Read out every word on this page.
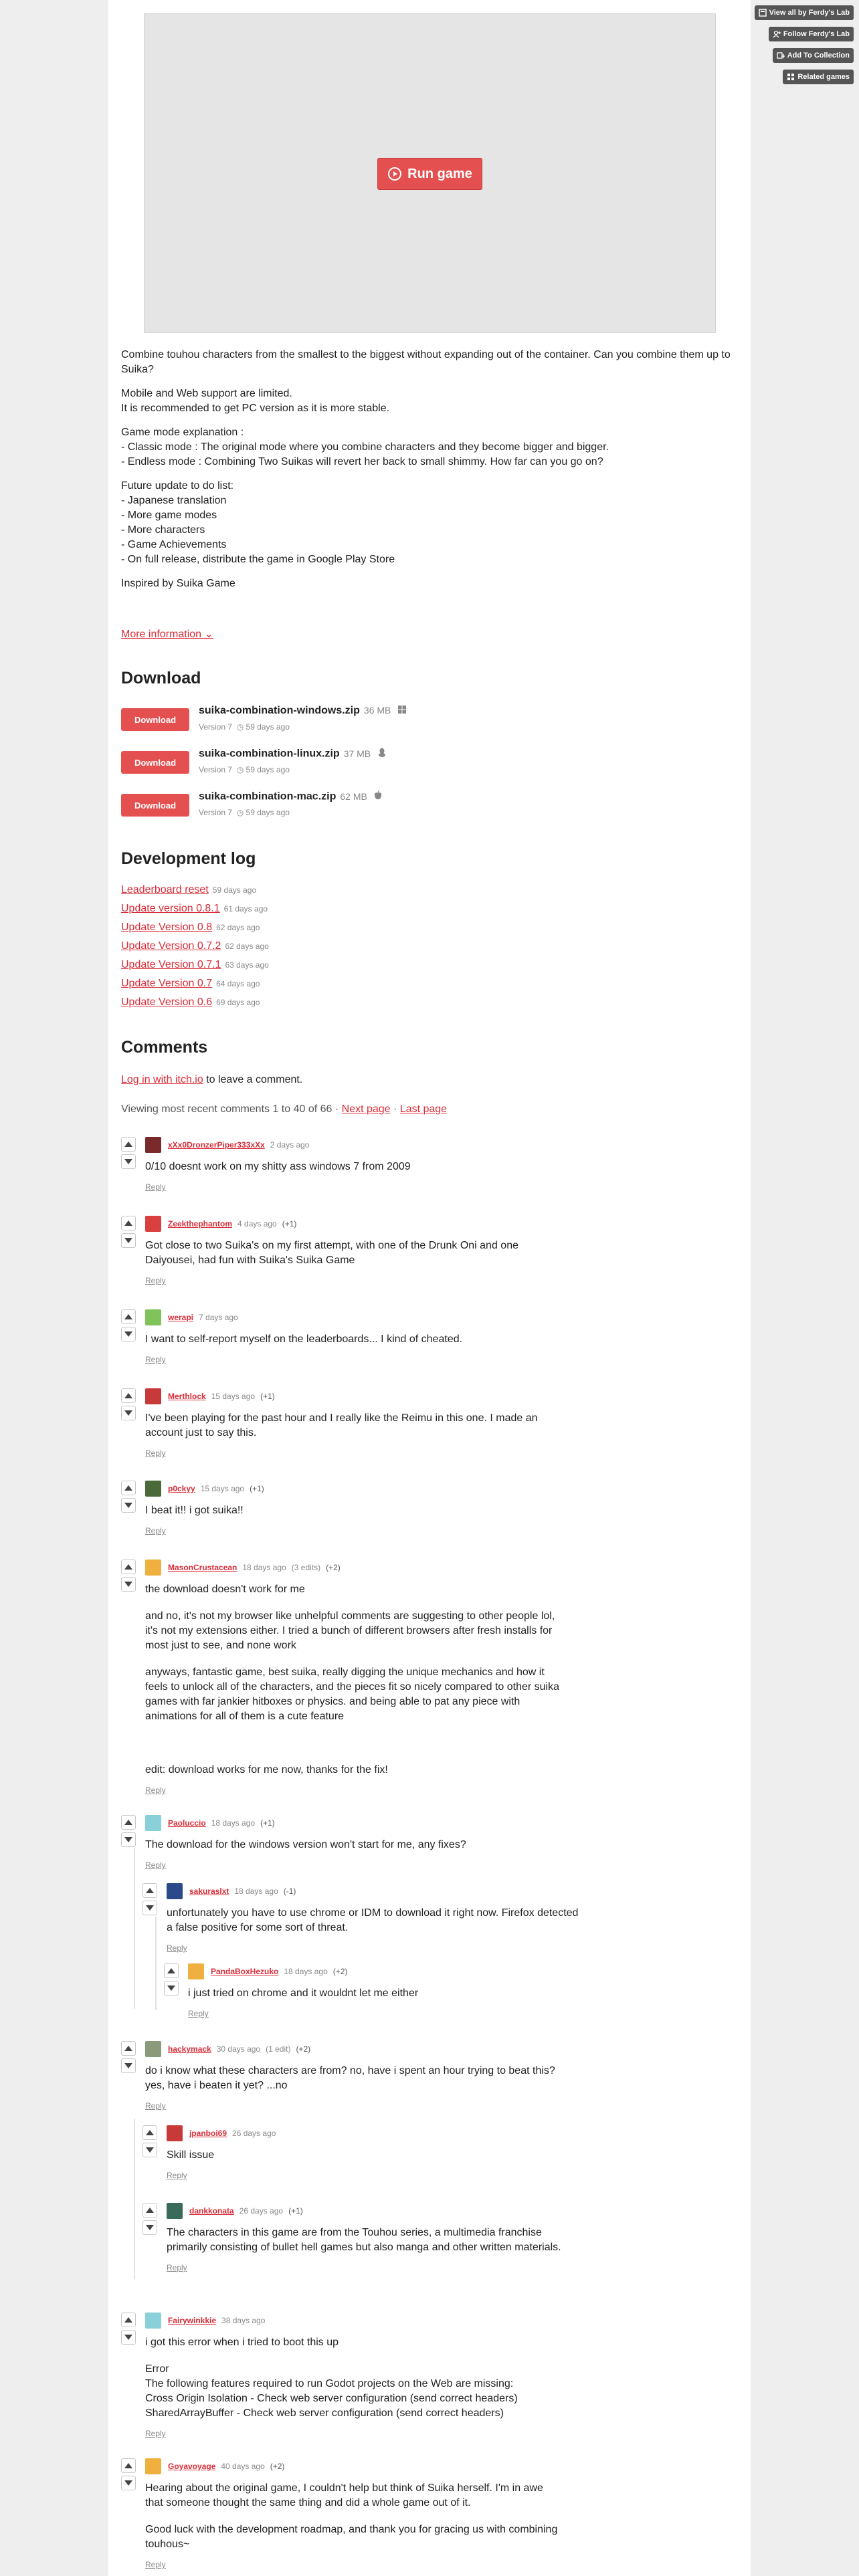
View all by Ferdy's Lab
Follow Ferdy's Lab
Add To Collection
Related games
Run game

Combine touhou characters from the smallest to the biggest without expanding out of the container. Can you combine them up to Suika?

Mobile and Web support are limited.
It is recommended to get PC version as it is more stable.

Game mode explanation :
- Classic mode : The original mode where you combine characters and they become bigger and bigger.
- Endless mode : Combining Two Suikas will revert her back to small shimmy. How far can you go on?

Future update to do list:
- Japanese translation
- More game modes
- More characters
- Game Achievements
- On full release, distribute the game in Google Play Store

Inspired by Suika Game

More information ⌄
Download
Download
suika-combination-windows.zip 36 MB
Version 7  ◷ 59 days ago
Download
suika-combination-linux.zip 37 MB
Version 7  ◷ 59 days ago
Download
suika-combination-mac.zip 62 MB
Version 7  ◷ 59 days ago
Development log
Leaderboard reset 59 days ago
Update version 0.8.1 61 days ago
Update Version 0.8 62 days ago
Update Version 0.7.2 62 days ago
Update Version 0.7.1 63 days ago
Update Version 0.7 64 days ago
Update Version 0.6 69 days ago
Comments
Log in with itch.io to leave a comment.
Viewing most recent comments 1 to 40 of 66 · Next page · Last page
xXx0DronzerPiper333xXx 2 days ago

0/10 doesnt work on my shitty ass windows 7 from 2009

Reply
Zeekthephantom 4 days ago (+1)

Got close to two Suika's on my first attempt, with one of the Drunk Oni and one Daiyousei, had fun with Suika's Suika Game

Reply
werapi 7 days ago

I want to self-report myself on the leaderboards... I kind of cheated.

Reply
Merthlock 15 days ago (+1)

I've been playing for the past hour and I really like the Reimu in this one. I made an account just to say this.

Reply
p0ckyy 15 days ago (+1)

I beat it!! i got suika!!

Reply
MasonCrustacean 18 days ago (3 edits) (+2)

the download doesn't work for me

and no, it's not my browser like unhelpful comments are suggesting to other people lol, it's not my extensions either. I tried a bunch of different browsers after fresh installs for most just to see, and none work

anyways, fantastic game, best suika, really digging the unique mechanics and how it feels to unlock all of the characters, and the pieces fit so nicely compared to other suika games with far jankier hitboxes or physics. and being able to pat any piece with animations for all of them is a cute feature

edit: download works for me now, thanks for the fix!

Reply
Paoluccio 18 days ago (+1)

The download for the windows version won't start for me, any fixes?

Reply
sakuraslxt 18 days ago (-1)

unfortunately you have to use chrome or IDM to download it right now. Firefox detected a false positive for some sort of threat.

Reply
PandaBoxHezuko 18 days ago (+2)

i just tried on chrome and it wouldnt let me either

Reply
hackymack 30 days ago (1 edit) (+2)

do i know what these characters are from? no, have i spent an hour trying to beat this? yes, have i beaten it yet? ...no

Reply
jpanboi69 26 days ago

Skill issue

Reply
dankkonata 26 days ago (+1)

The characters in this game are from the Touhou series, a multimedia franchise primarily consisting of bullet hell games but also manga and other written materials.

Reply
Fairywinkkie 38 days ago

i got this error when i tried to boot this up

Error
The following features required to run Godot projects on the Web are missing:
Cross Origin Isolation - Check web server configuration (send correct headers)
SharedArrayBuffer - Check web server configuration (send correct headers)

Reply
Goyavoyage 40 days ago (+2)

Hearing about the original game, I couldn't help but think of Suika herself. I'm in awe that someone thought the same thing and did a whole game out of it.

Good luck with the development roadmap, and thank you for gracing us with combining touhous~

Reply
